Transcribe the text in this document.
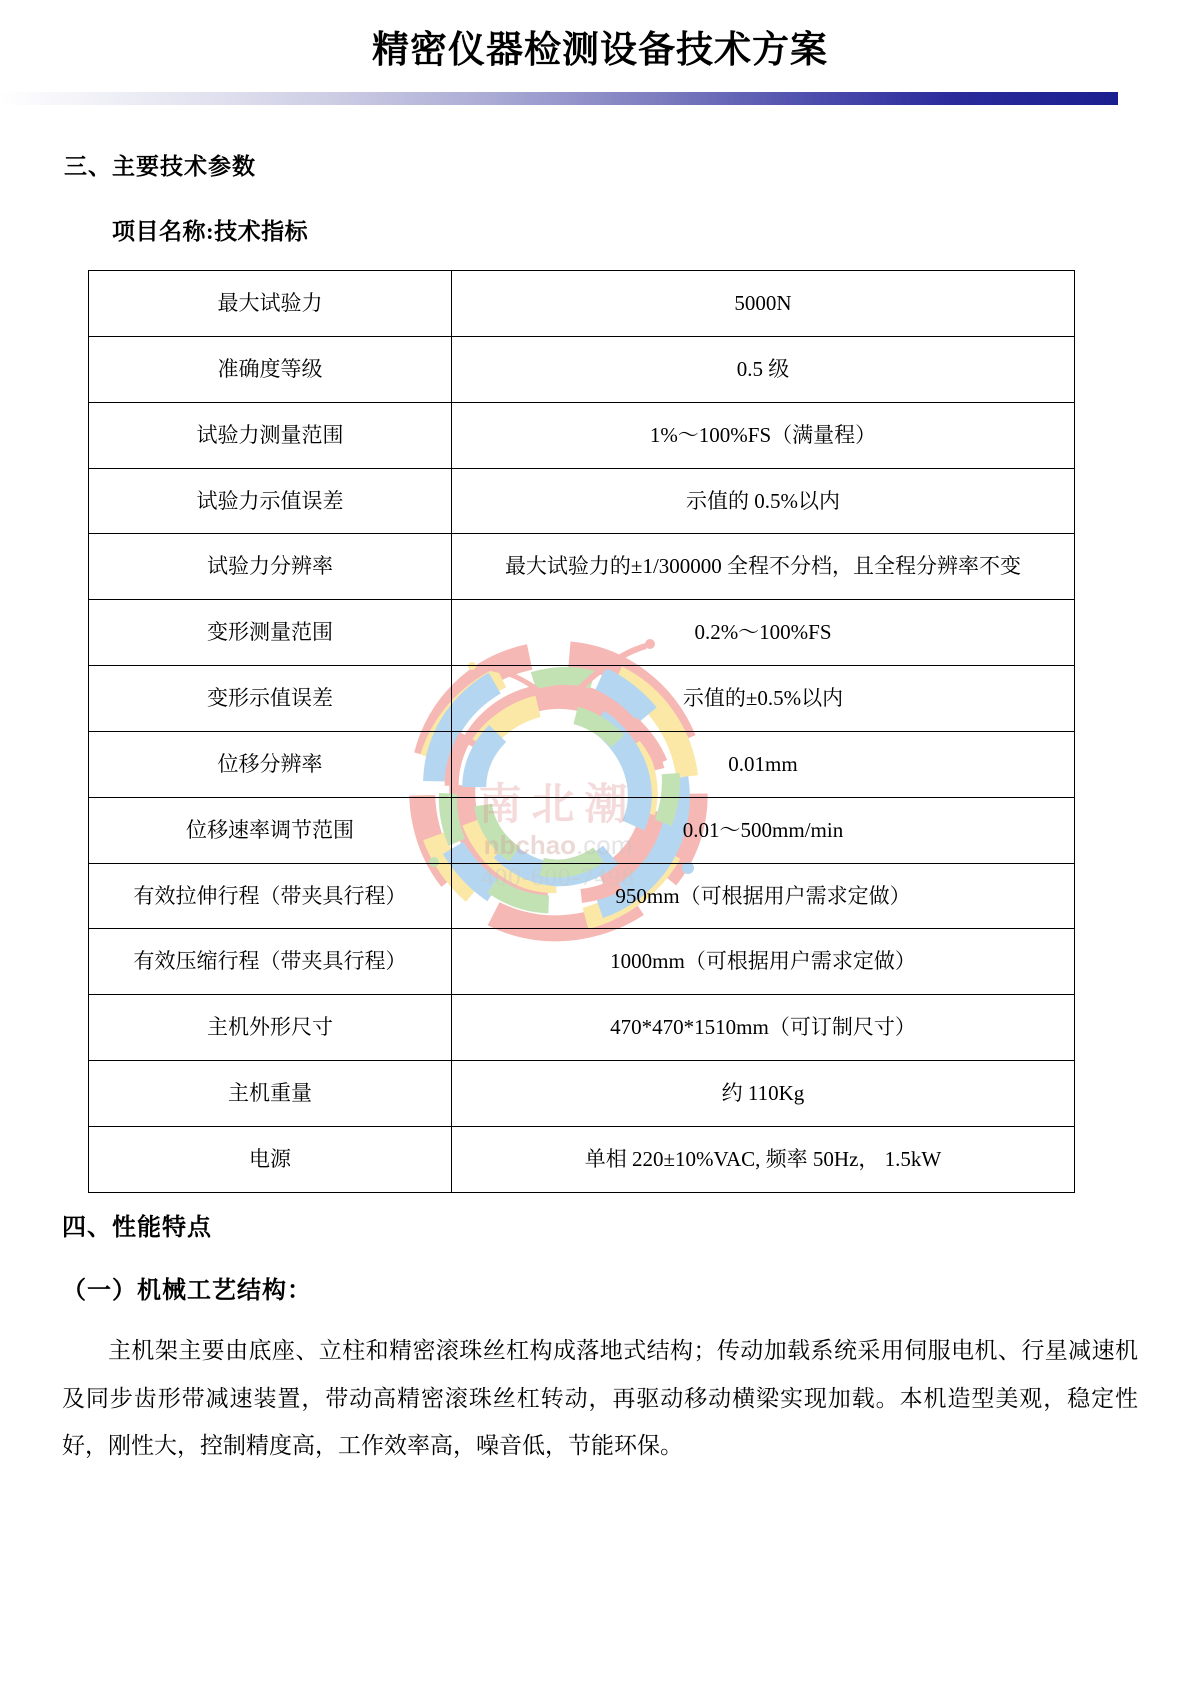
南北潮
nbchao.com
400-600-7498
精密仪器检测设备技术方案
三、主要技术参数
项目名称:技术指标
最大试验力	5000N
准确度等级	0.5 级
试验力测量范围	1%～100%FS（满量程）
试验力示值误差	示值的 0.5%以内
试验力分辨率	最大试验力的±1/300000 全程不分档，且全程分辨率不变
变形测量范围	0.2%～100%FS
变形示值误差	示值的±0.5%以内
位移分辨率	0.01mm
位移速率调节范围	0.01～500mm/min
有效拉伸行程（带夹具行程）	950mm（可根据用户需求定做）
有效压缩行程（带夹具行程）	1000mm（可根据用户需求定做）
主机外形尺寸	470*470*1510mm（可订制尺寸）
主机重量	约 110Kg
电源	单相 220±10%VAC, 频率 50Hz， 1.5kW
四、性能特点
（一）机械工艺结构：

主机架主要由底座、立柱和精密滚珠丝杠构成落地式结构；传动加载系统采用伺服电机、行星减速机及同步齿形带减速装置，带动高精密滚珠丝杠转动，再驱动移动横梁实现加载。本机造型美观，稳定性好，刚性大，控制精度高，工作效率高，噪音低，节能环保。
